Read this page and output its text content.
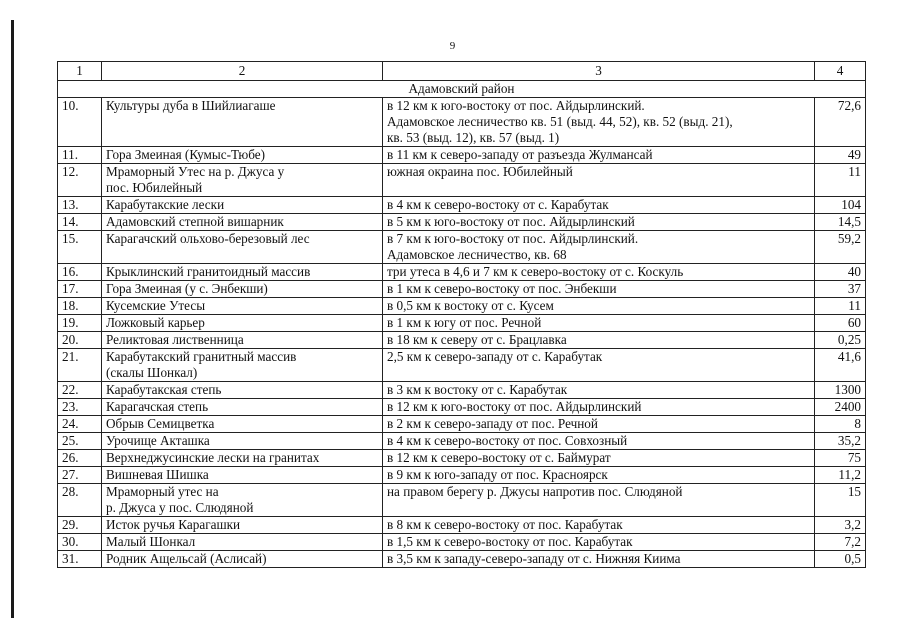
9
1	2	3	4
Адамовский район			
10.	Культуры дуба в Шийлиагаше	в 12 км к юго-востоку от пос. Айдырлинский.
Адамовское лесничество кв. 51 (выд. 44, 52), кв. 52 (выд. 21),
кв. 53 (выд. 12), кв. 57 (выд. 1)	72,6
11.	Гора Змеиная (Кумыс-Тюбе)	в 11 км к северо-западу от разъезда Жулмансай	49
12.	Мраморный Утес на р. Джуса у
пос. Юбилейный	южная окраина пос. Юбилейный	11
13.	Карабутакские лески	в 4 км к северо-востоку от с. Карабутак	104
14.	Адамовский степной вишарник	в 5 км к юго-востоку от пос. Айдырлинский	14,5
15.	Карагачский ольхово-березовый лес	в 7 км к юго-востоку от пос. Айдырлинский.
Адамовское лесничество, кв. 68	59,2
16.	Крыклинский гранитоидный массив	три утеса в 4,6 и 7 км к северо-востоку от с. Коскуль	40
17.	Гора Змеиная (у с. Энбекши)	в 1 км к северо-востоку от пос. Энбекши	37
18.	Кусемские Утесы	в 0,5 км к востоку от с. Кусем	11
19.	Ложковый карьер	в 1 км к югу от пос. Речной	60
20.	Реликтовая лиственница	в 18 км к северу от с. Брацлавка	0,25
21.	Карабутакский гранитный массив
(скалы Шонкал)	2,5 км к северо-западу от с. Карабутак	41,6
22.	Карабутакская степь	в 3 км к востоку от с. Карабутак	1300
23.	Карагачская степь	в 12 км к юго-востоку от пос. Айдырлинский	2400
24.	Обрыв Семицветка	в 2 км к северо-западу от пос. Речной	8
25.	Урочище Акташка	в 4 км к северо-востоку от пос. Совхозный	35,2
26.	Верхнеджусинские лески на гранитах	в 12 км к северо-востоку от с. Баймурат	75
27.	Вишневая Шишка	в 9 км к юго-западу от пос. Красноярск	11,2
28.	Мраморный утес на
р. Джуса у пос. Слюдяной	на правом берегу р. Джусы напротив пос. Слюдяной	15
29.	Исток ручья Карагашки	в 8 км к северо-востоку от пос. Карабутак	3,2
30.	Малый Шонкал	в 1,5 км к северо-востоку от пос. Карабутак	7,2
31.	Родник Ащельсай (Аслисай)	в 3,5 км к западу-северо-западу от с. Нижняя Киима	0,5
